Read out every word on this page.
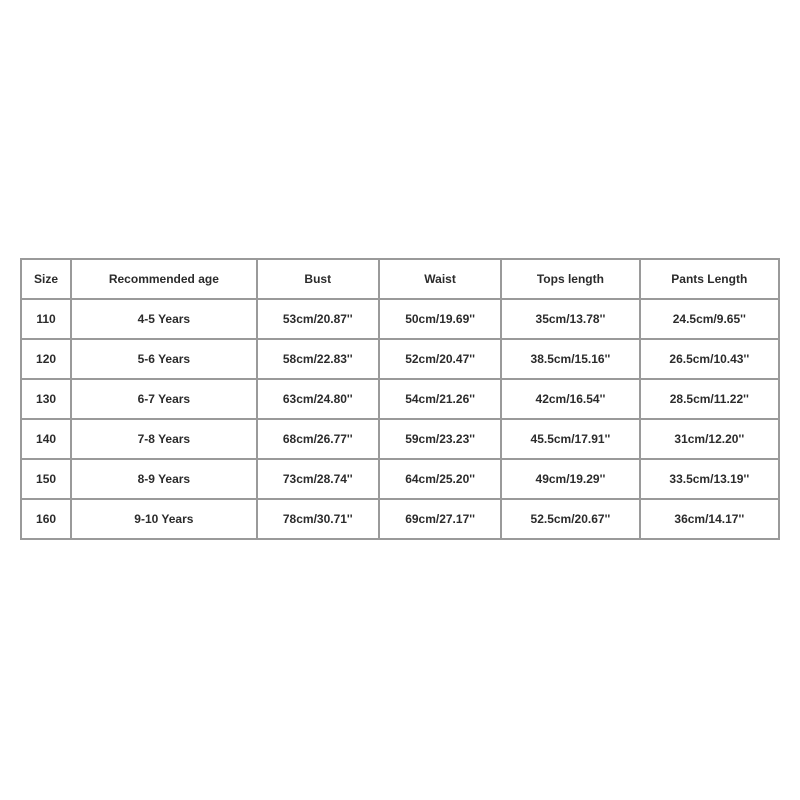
Size	Recommended age	Bust	Waist	Tops length	Pants Length
110	4-5 Years	53cm/20.87''	50cm/19.69''	35cm/13.78''	24.5cm/9.65''
120	5-6 Years	58cm/22.83''	52cm/20.47''	38.5cm/15.16''	26.5cm/10.43''
130	6-7 Years	63cm/24.80''	54cm/21.26''	42cm/16.54''	28.5cm/11.22''
140	7-8 Years	68cm/26.77''	59cm/23.23''	45.5cm/17.91''	31cm/12.20''
150	8-9 Years	73cm/28.74''	64cm/25.20''	49cm/19.29''	33.5cm/13.19''
160	9-10 Years	78cm/30.71''	69cm/27.17''	52.5cm/20.67''	36cm/14.17''
